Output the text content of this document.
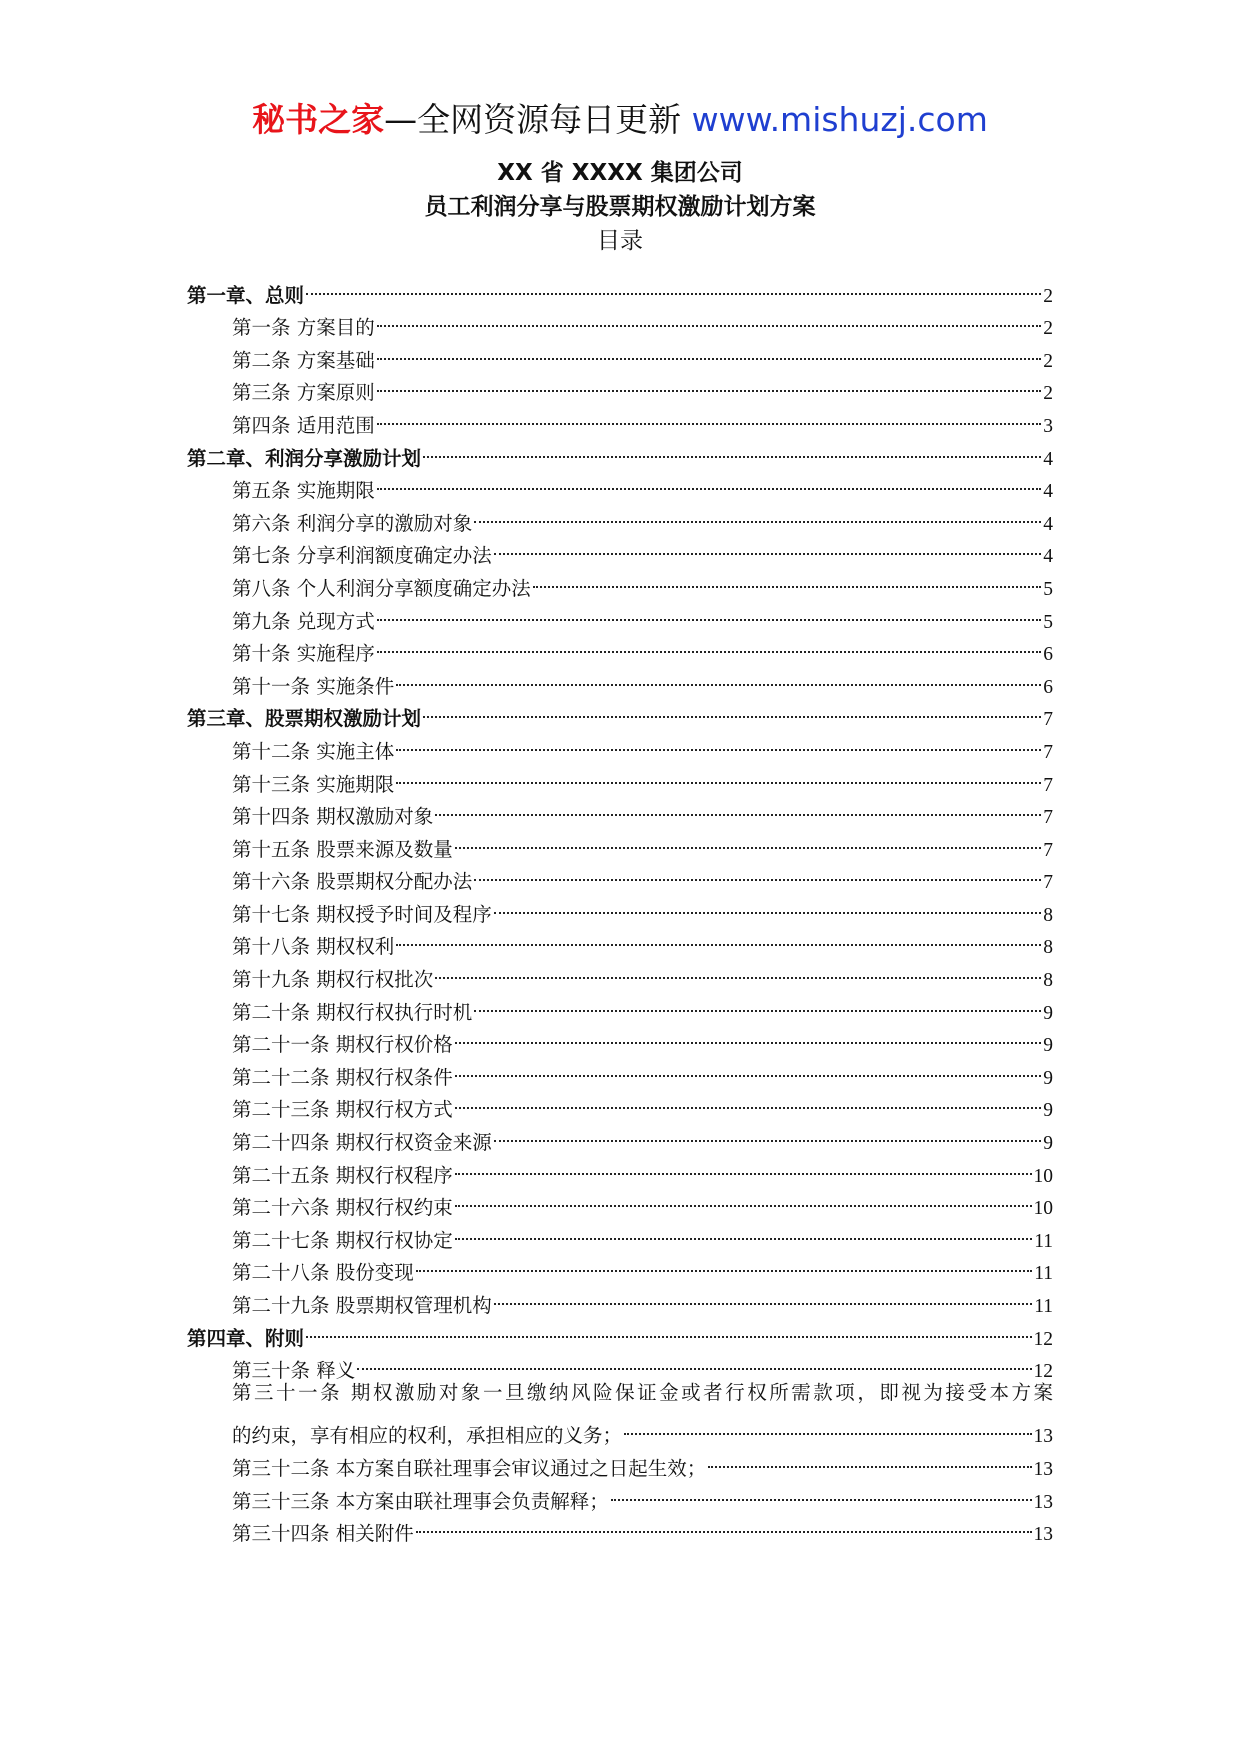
秘书之家—全网资源每日更新 www.mishuzj.com
XX 省 XXXX 集团公司
员工利润分享与股票期权激励计划方案
目录
第一章、总则	2
第一条 方案目的	2
第二条 方案基础	2
第三条 方案原则	2
第四条 适用范围	3
第二章、利润分享激励计划	4
第五条 实施期限	4
第六条 利润分享的激励对象	4
第七条 分享利润额度确定办法	4
第八条 个人利润分享额度确定办法	5
第九条 兑现方式	5
第十条 实施程序	6
第十一条 实施条件	6
第三章、股票期权激励计划	7
第十二条 实施主体	7
第十三条 实施期限	7
第十四条 期权激励对象	7
第十五条 股票来源及数量	7
第十六条 股票期权分配办法	7
第十七条 期权授予时间及程序	8
第十八条 期权权利	8
第十九条 期权行权批次	8
第二十条 期权行权执行时机	9
第二十一条 期权行权价格	9
第二十二条 期权行权条件	9
第二十三条 期权行权方式	9
第二十四条 期权行权资金来源	9
第二十五条 期权行权程序	10
第二十六条 期权行权约束	10
第二十七条 期权行权协定	11
第二十八条 股份变现	11
第二十九条 股票期权管理机构	11
第四章、附则	12
第三十条 释义	12
第三十一条 期权激励对象一旦缴纳风险保证金或者行权所需款项，即视为接受本方案
的约束，享有相应的权利，承担相应的义务；	13
第三十二条 本方案自联社理事会审议通过之日起生效；	13
第三十三条 本方案由联社理事会负责解释；	13
第三十四条 相关附件	13
